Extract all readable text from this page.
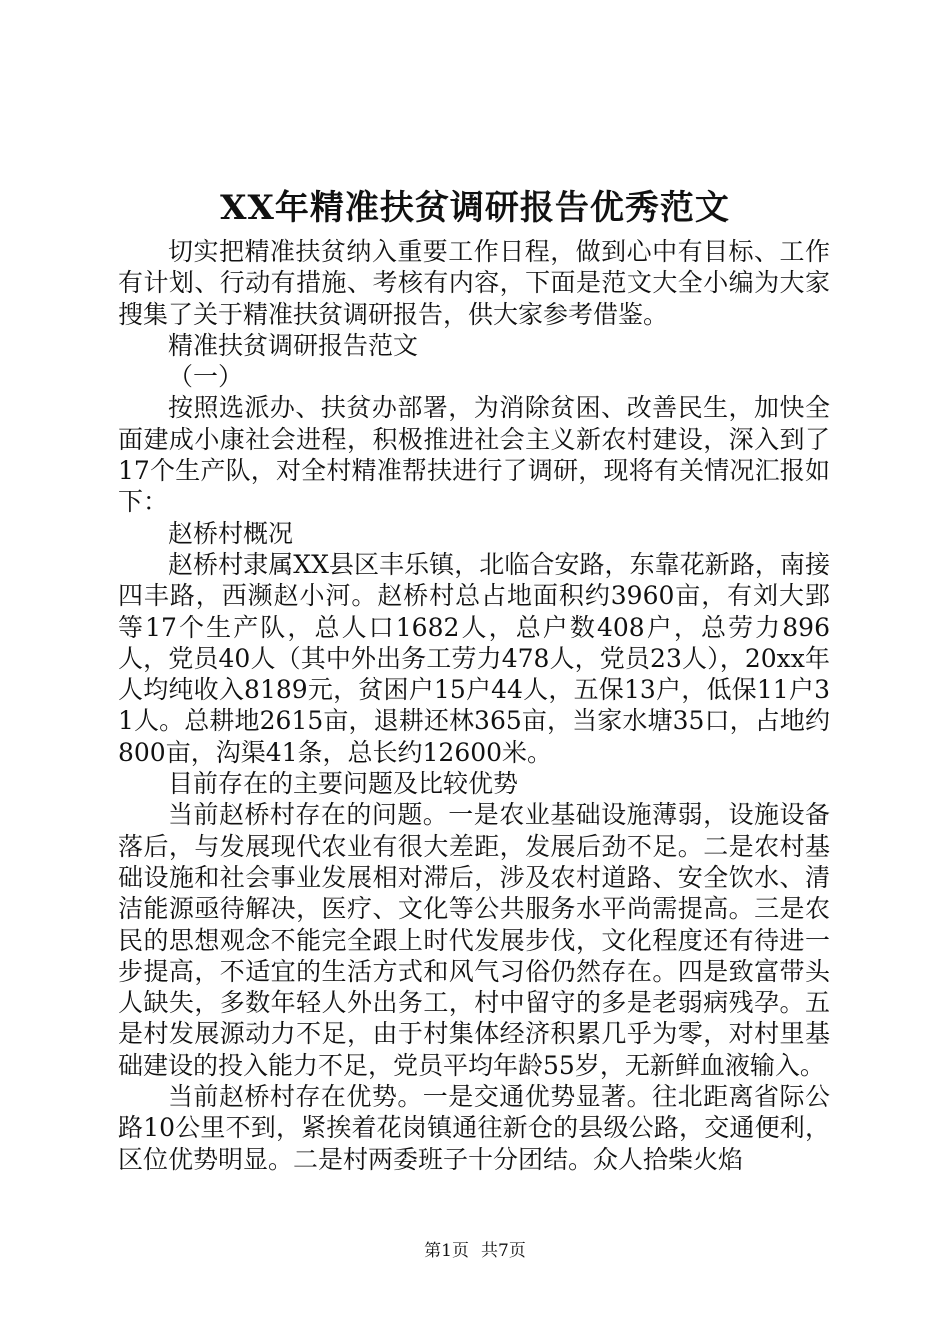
XX年精准扶贫调研报告优秀范文

切实把精准扶贫纳入重要工作日程，做到心中有目标、工作有计划、行动有措施、考核有内容，下面是范文大全小编为大家搜集了关于精准扶贫调研报告，供大家参考借鉴。

精准扶贫调研报告范文

（一）

按照选派办、扶贫办部署，为消除贫困、改善民生，加快全面建成小康社会进程，积极推进社会主义新农村建设，深入到了17个生产队，对全村精准帮扶进行了调研，现将有关情况汇报如下：

赵桥村概况

赵桥村隶属XX县区丰乐镇，北临合安路，东靠花新路，南接四丰路，西濒赵小河。赵桥村总占地面积约3960亩，有刘大郢等17个生产队，总人口1682人，总户数408户，总劳力896人，党员40人（其中外出务工劳力478人，党员23人），20xx年人均纯收入8189元，贫困户15户44人，五保13户，低保11户31人。总耕地2615亩，退耕还林365亩，当家水塘35口，占地约800亩，沟渠41条，总长约12600米。

目前存在的主要问题及比较优势

当前赵桥村存在的问题。一是农业基础设施薄弱，设施设备落后，与发展现代农业有很大差距，发展后劲不足。二是农村基础设施和社会事业发展相对滞后，涉及农村道路、安全饮水、清洁能源亟待解决，医疗、文化等公共服务水平尚需提高。三是农民的思想观念不能完全跟上时代发展步伐，文化程度还有待进一步提高，不适宜的生活方式和风气习俗仍然存在。四是致富带头人缺失，多数年轻人外出务工，村中留守的多是老弱病残孕。五是村发展源动力不足，由于村集体经济积累几乎为零，对村里基础建设的投入能力不足，党员平均年龄55岁，无新鲜血液输入。

当前赵桥村存在优势。一是交通优势显著。往北距离省际公路10公里不到，紧挨着花岗镇通往新仓的县级公路，交通便利，区位优势明显。二是村两委班子十分团结。众人拾柴火焰

第1页 共7页
